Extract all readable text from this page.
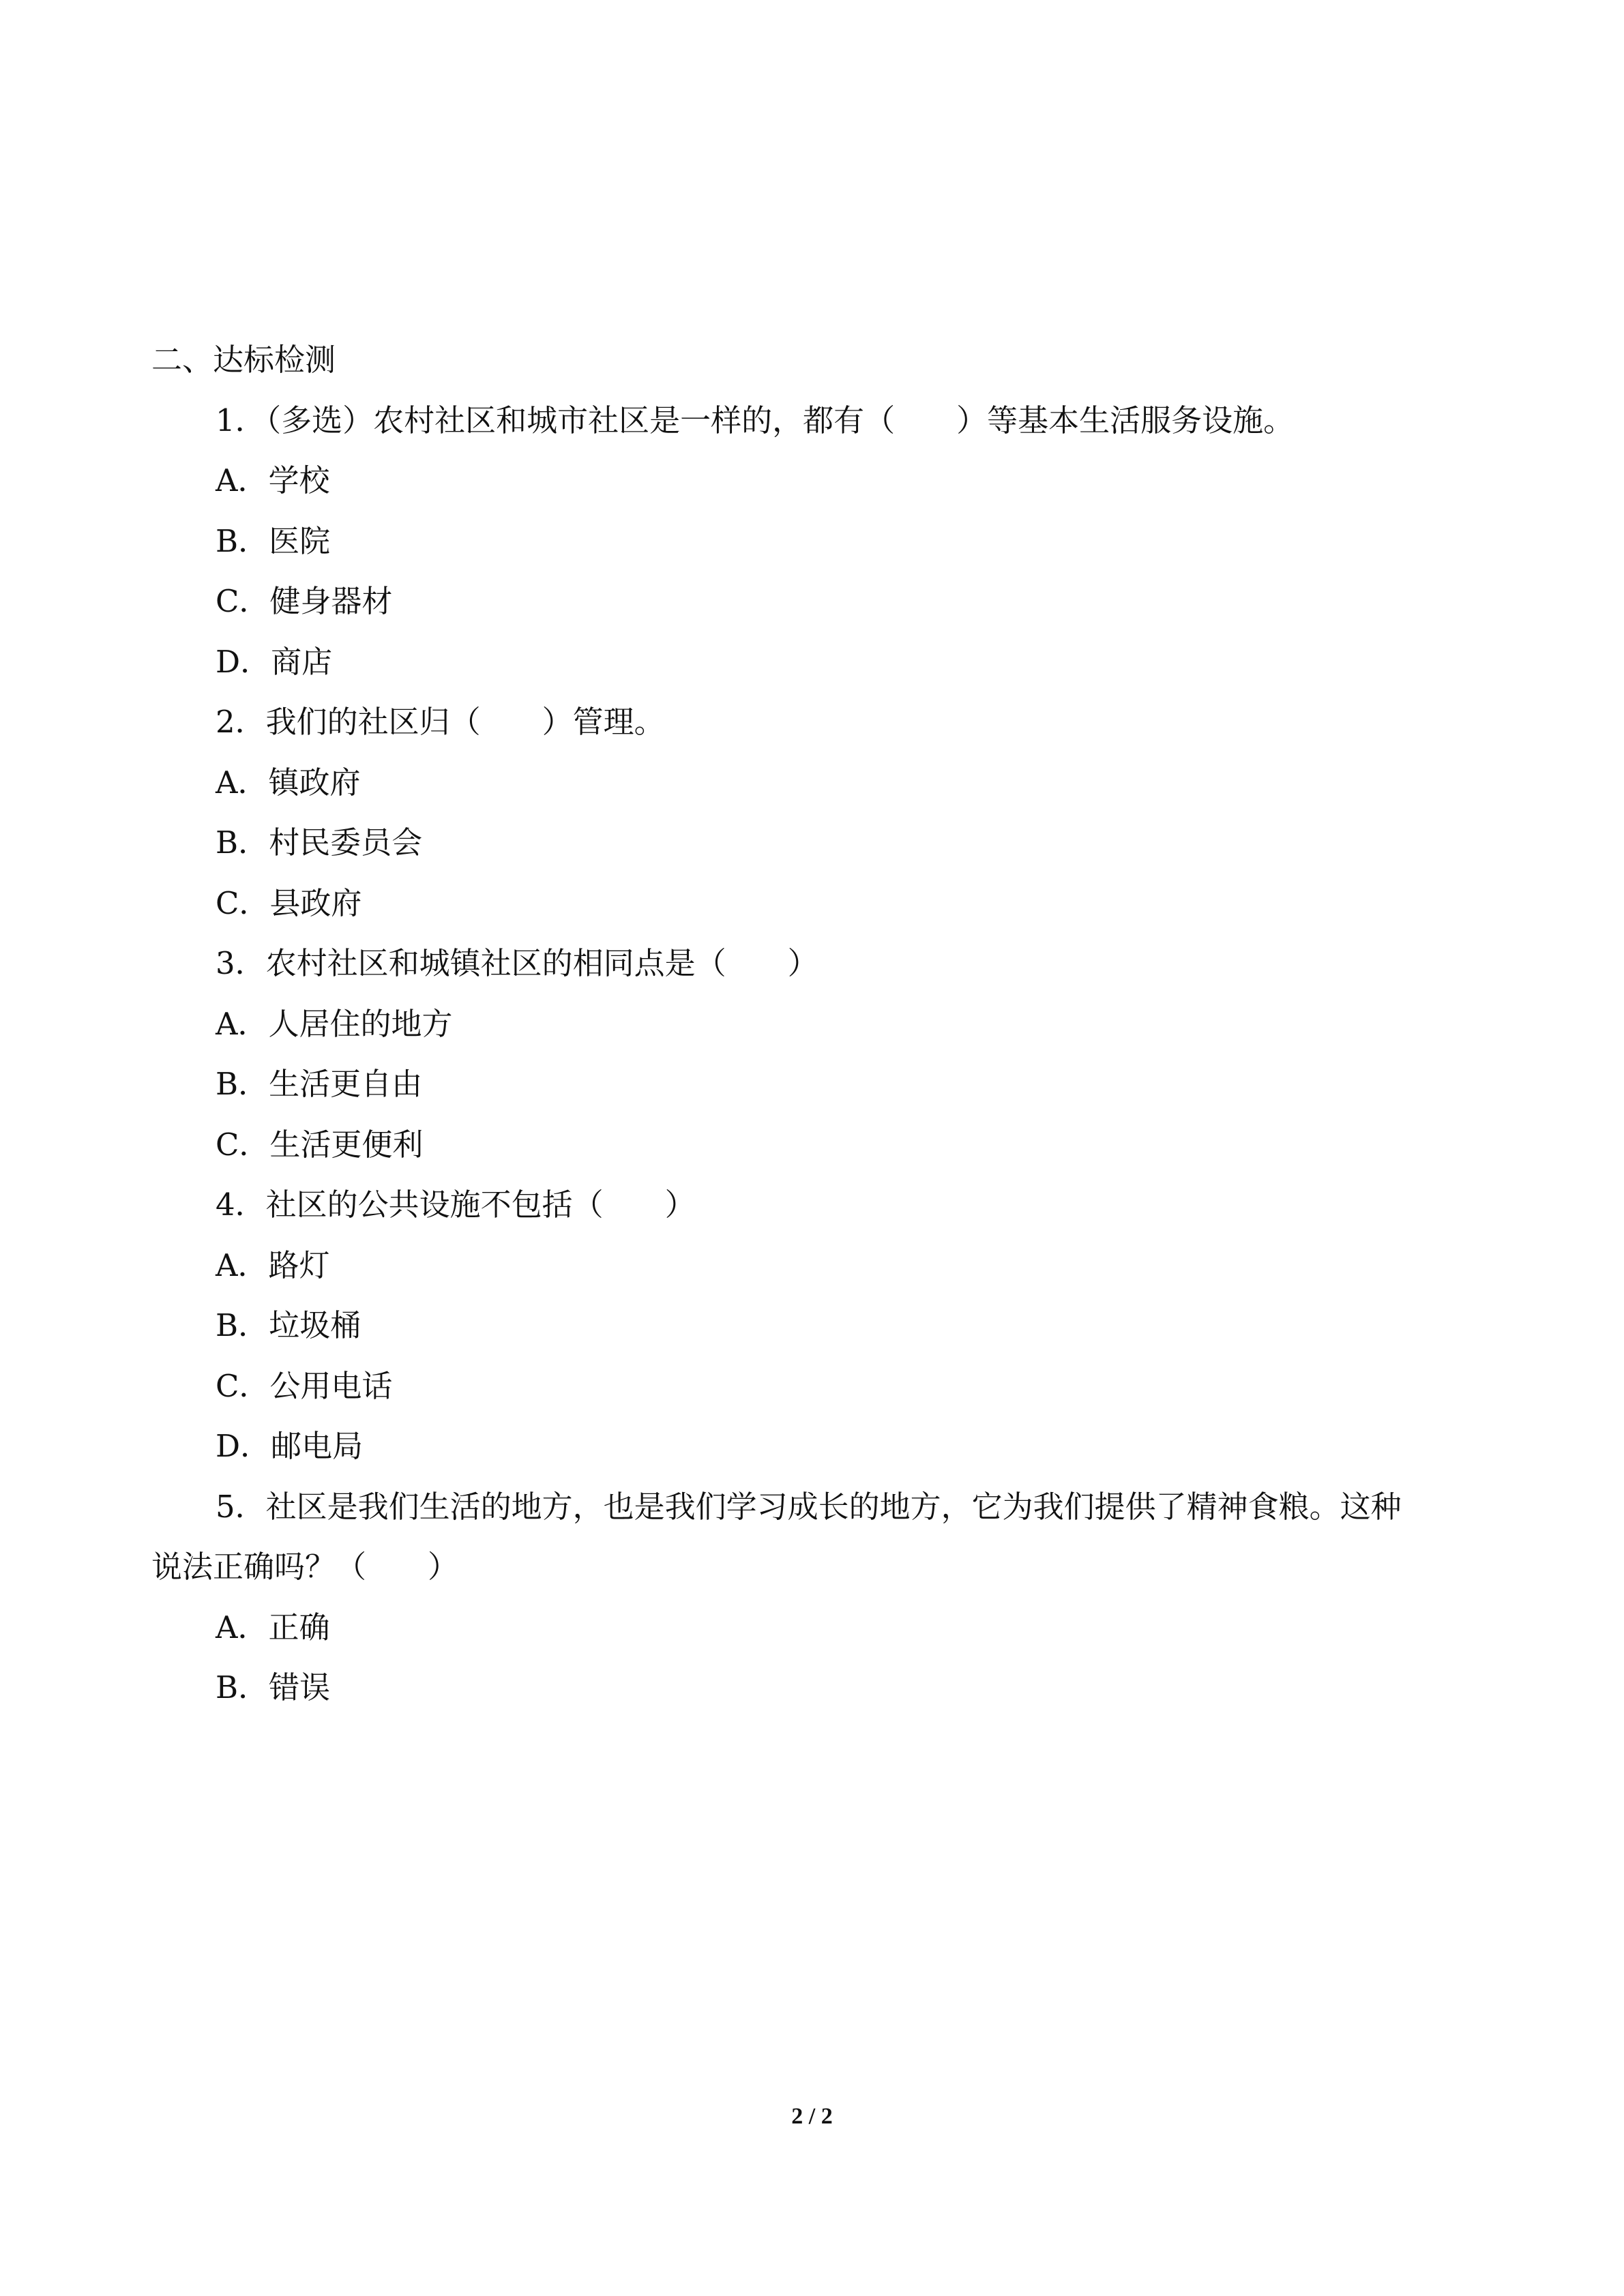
二、达标检测
1．（多选）农村社区和城市社区是一样的，都有（ ）等基本生活服务设施。
A．学校
B．医院
C．健身器材
D．商店
2．我们的社区归（ ）管理。
A．镇政府
B．村民委员会
C．县政府
3．农村社区和城镇社区的相同点是（ ）
A．人居住的地方
B．生活更自由
C．生活更便利
4．社区的公共设施不包括（ ）
A．路灯
B．垃圾桶
C．公用电话
D．邮电局
5．社区是我们生活的地方，也是我们学习成长的地方，它为我们提供了精神食粮。这种
说法正确吗？（ ）
A．正确
B．错误
2 / 2
